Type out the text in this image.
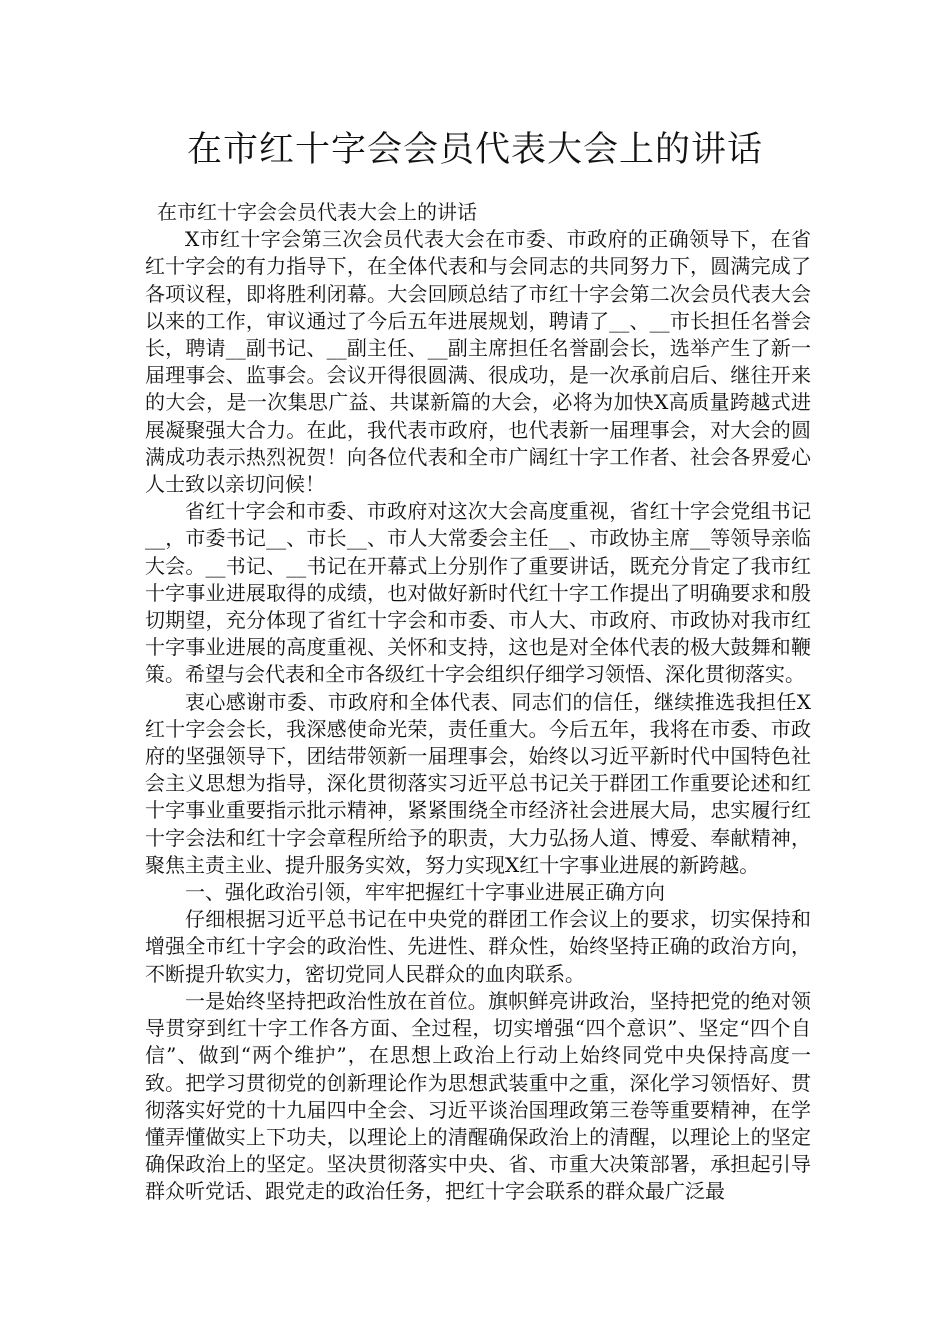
在市红十字会会员代表大会上的讲话

在市红十字会会员代表大会上的讲话

X市红十字会第三次会员代表大会在市委、市政府的正确领导下，在省红十字会的有力指导下，在全体代表和与会同志的共同努力下，圆满完成了各项议程，即将胜利闭幕。大会回顾总结了市红十字会第二次会员代表大会以来的工作，审议通过了今后五年进展规划，聘请了__、__市长担任名誉会长，聘请__副书记、__副主任、__副主席担任名誉副会长，选举产生了新一届理事会、监事会。会议开得很圆满、很成功，是一次承前启后、继往开来的大会，是一次集思广益、共谋新篇的大会，必将为加快X高质量跨越式进展凝聚强大合力。在此，我代表市政府，也代表新一届理事会，对大会的圆满成功表示热烈祝贺！向各位代表和全市广阔红十字工作者、社会各界爱心人士致以亲切问候！

省红十字会和市委、市政府对这次大会高度重视，省红十字会党组书记__，市委书记__、市长__、市人大常委会主任__、市政协主席__等领导亲临大会。__书记、__书记在开幕式上分别作了重要讲话，既充分肯定了我市红十字事业进展取得的成绩，也对做好新时代红十字工作提出了明确要求和殷切期望，充分体现了省红十字会和市委、市人大、市政府、市政协对我市红十字事业进展的高度重视、关怀和支持，这也是对全体代表的极大鼓舞和鞭策。希望与会代表和全市各级红十字会组织仔细学习领悟、深化贯彻落实。

衷心感谢市委、市政府和全体代表、同志们的信任，继续推选我担任X红十字会会长，我深感使命光荣，责任重大。今后五年，我将在市委、市政府的坚强领导下，团结带领新一届理事会，始终以习近平新时代中国特色社会主义思想为指导，深化贯彻落实习近平总书记关于群团工作重要论述和红十字事业重要指示批示精神，紧紧围绕全市经济社会进展大局，忠实履行红十字会法和红十字会章程所给予的职责，大力弘扬人道、博爱、奉献精神，聚焦主责主业、提升服务实效，努力实现X红十字事业进展的新跨越。

一、强化政治引领，牢牢把握红十字事业进展正确方向

仔细根据习近平总书记在中央党的群团工作会议上的要求，切实保持和增强全市红十字会的政治性、先进性、群众性，始终坚持正确的政治方向，不断提升软实力，密切党同人民群众的血肉联系。

一是始终坚持把政治性放在首位。旗帜鲜亮讲政治，坚持把党的绝对领导贯穿到红十字工作各方面、全过程，切实增强“四个意识”、坚定“四个自信”、做到“两个维护”，在思想上政治上行动上始终同党中央保持高度一致。把学习贯彻党的创新理论作为思想武装重中之重，深化学习领悟好、贯彻落实好党的十九届四中全会、习近平谈治国理政第三卷等重要精神，在学懂弄懂做实上下功夫，以理论上的清醒确保政治上的清醒，以理论上的坚定确保政治上的坚定。坚决贯彻落实中央、省、市重大决策部署，承担起引导群众听党话、跟党走的政治任务，把红十字会联系的群众最广泛最
